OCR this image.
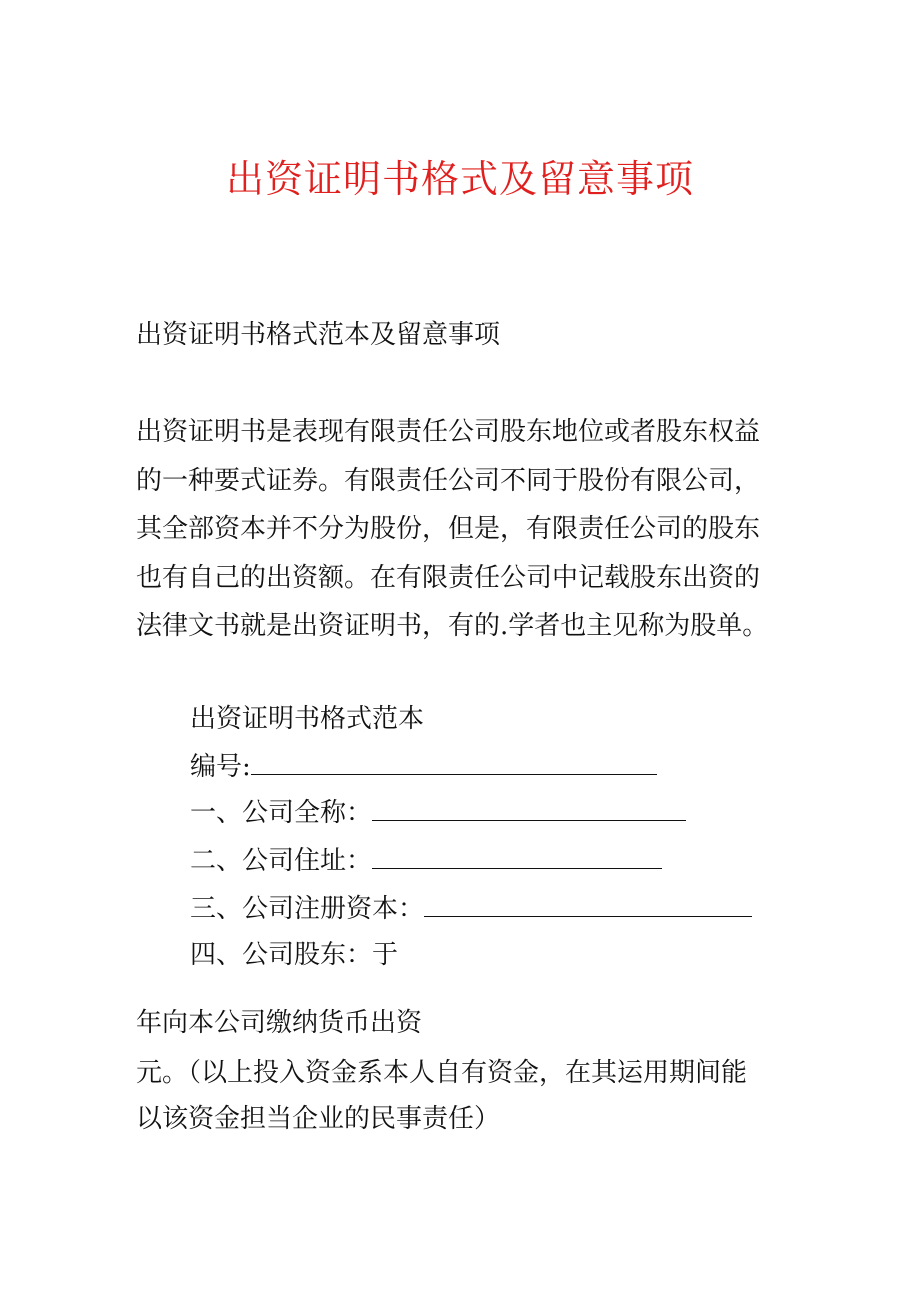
出资证明书格式及留意事项
出资证明书格式范本及留意事项
出资证明书是表现有限责任公司股东地位或者股东权益
的一种要式证券。有限责任公司不同于股份有限公司，
其全部资本并不分为股份，但是，有限责任公司的股东
也有自己的出资额。在有限责任公司中记载股东出资的
法律文书就是出资证明书，有的.学者也主见称为股单。
出资证明书格式范本
编号:
一、公司全称：
二、公司住址：
三、公司注册资本：
四、公司股东：于
年向本公司缴纳货币出资
元。（以上投入资金系本人自有资金，在其运用期间能
以该资金担当企业的民事责任）
